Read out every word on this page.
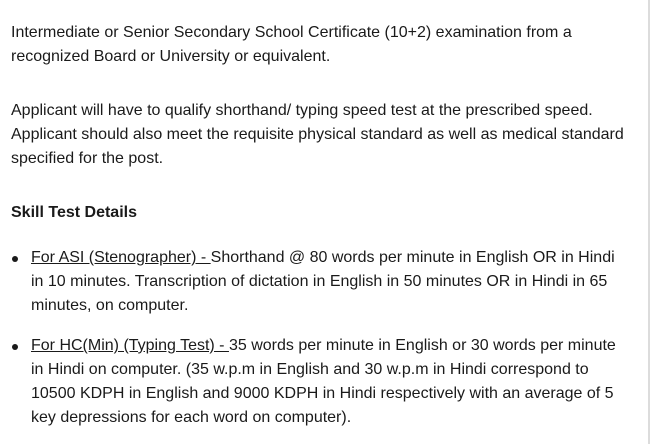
Intermediate or Senior Secondary School Certificate (10+2) examination from a recognized Board or University or equivalent.

Applicant will have to qualify shorthand/ typing speed test at the prescribed speed. Applicant should also meet the requisite physical standard as well as medical standard specified for the post.

Skill Test Details

For ASI (Stenographer) - Shorthand @ 80 words per minute in English OR in Hindi in 10 minutes. Transcription of dictation in English in 50 minutes OR in Hindi in 65 minutes, on computer.
For HC(Min) (Typing Test) - 35 words per minute in English or 30 words per minute in Hindi on computer. (35 w.p.m in English and 30 w.p.m in Hindi correspond to 10500 KDPH in English and 9000 KDPH in Hindi respectively with an average of 5 key depressions for each word on computer).
